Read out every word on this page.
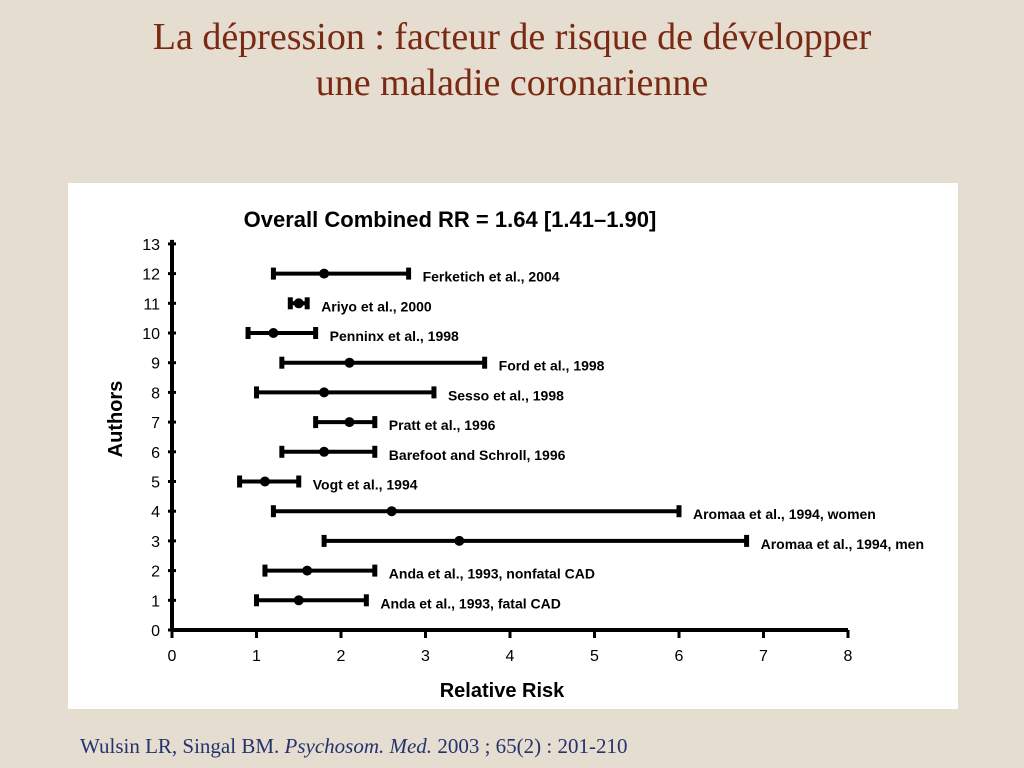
La dépression : facteur de risque de développer
une maladie coronarienne
Overall Combined RR = 1.64 [1.41–1.90]
Authors
Relative Risk
0
1
2
3
4
5
6
7
8
9
10
11
12
13
0	1	2	3	4	5	6	7	8
Ferketich et al., 2004
Ariyo et al., 2000
Penninx et al., 1998
Ford et al., 1998
Sesso et al., 1998
Pratt et al., 1996
Barefoot and Schroll, 1996
Vogt et al., 1994
Aromaa et al., 1994, women
Aromaa et al., 1994, men
Anda et al., 1993, nonfatal CAD
Anda et al., 1993, fatal CAD
Wulsin LR, Singal BM. Psychosom. Med. 2003 ; 65(2) : 201-210
